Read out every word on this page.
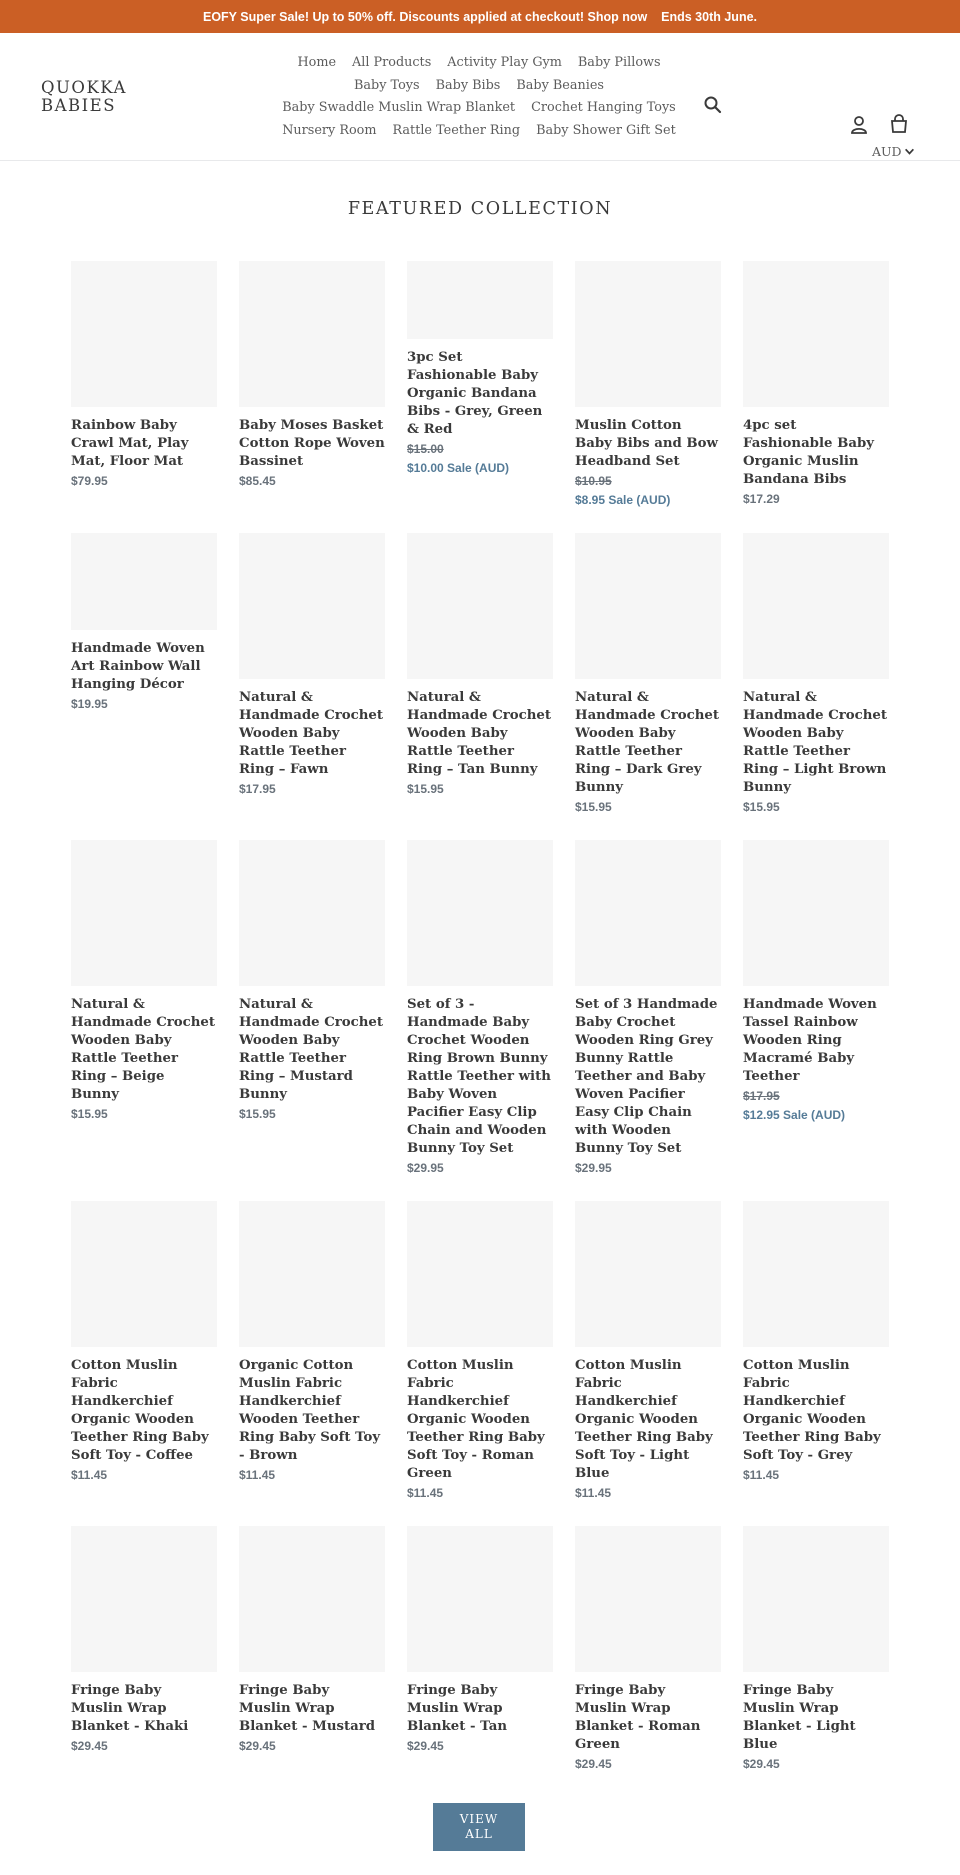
EOFY Super Sale! Up to 50% off. Discounts applied at checkout! Shop now    Ends 30th June.
QUOKKA
BABIES
Home All Products Activity Play Gym Baby Pillows
Baby Toys Baby Bibs Baby Beanies
Baby Swaddle Muslin Wrap Blanket Crochet Hanging Toys
Nursery Room Rattle Teether Ring Baby Shower Gift Set
AUD
FEATURED COLLECTION
Rainbow Baby Crawl Mat, Play Mat, Floor Mat
$79.95
Baby Moses Basket Cotton Rope Woven Bassinet
$85.45
3pc Set Fashionable Baby Organic Bandana Bibs - Grey, Green & Red
$15.00
$10.00 Sale (AUD)
Muslin Cotton Baby Bibs and Bow Headband Set
$10.95
$8.95 Sale (AUD)
4pc set Fashionable Baby Organic Muslin Bandana Bibs
$17.29
Handmade Woven Art Rainbow Wall Hanging Décor
$19.95	Natural & Handmade Crochet Wooden Baby Rattle Teether Ring – Fawn
$17.95
Natural & Handmade Crochet Wooden Baby Rattle Teether Ring – Tan Bunny
$15.95
Natural & Handmade Crochet Wooden Baby Rattle Teether Ring – Dark Grey Bunny
$15.95
Natural & Handmade Crochet Wooden Baby Rattle Teether Ring – Light Brown Bunny
$15.95
Natural & Handmade Crochet Wooden Baby Rattle Teether Ring – Beige Bunny
$15.95
Natural & Handmade Crochet Wooden Baby Rattle Teether Ring – Mustard Bunny
$15.95
Set of 3 - Handmade Baby Crochet Wooden Ring Brown Bunny Rattle Teether with Baby Woven Pacifier Easy Clip Chain and Wooden Bunny Toy Set
$29.95
Set of 3 Handmade Baby Crochet Wooden Ring Grey Bunny Rattle Teether and Baby Woven Pacifier Easy Clip Chain with Wooden Bunny Toy Set
$29.95
Handmade Woven Tassel Rainbow Wooden Ring Macramé Baby Teether
$17.95
$12.95 Sale (AUD)
Cotton Muslin Fabric Handkerchief Organic Wooden Teether Ring Baby Soft Toy - Coffee
$11.45
Organic Cotton Muslin Fabric Handkerchief Wooden Teether Ring Baby Soft Toy - Brown
$11.45
Cotton Muslin Fabric Handkerchief Organic Wooden Teether Ring Baby Soft Toy - Roman Green
$11.45
Cotton Muslin Fabric Handkerchief Organic Wooden Teether Ring Baby Soft Toy - Light Blue
$11.45
Cotton Muslin Fabric Handkerchief Organic Wooden Teether Ring Baby Soft Toy - Grey
$11.45
Fringe Baby Muslin Wrap Blanket - Khaki
$29.45
Fringe Baby Muslin Wrap Blanket - Mustard
$29.45
Fringe Baby Muslin Wrap Blanket - Tan
$29.45
Fringe Baby Muslin Wrap Blanket - Roman Green
$29.45
Fringe Baby Muslin Wrap Blanket - Light Blue
$29.45
VIEW
ALL
